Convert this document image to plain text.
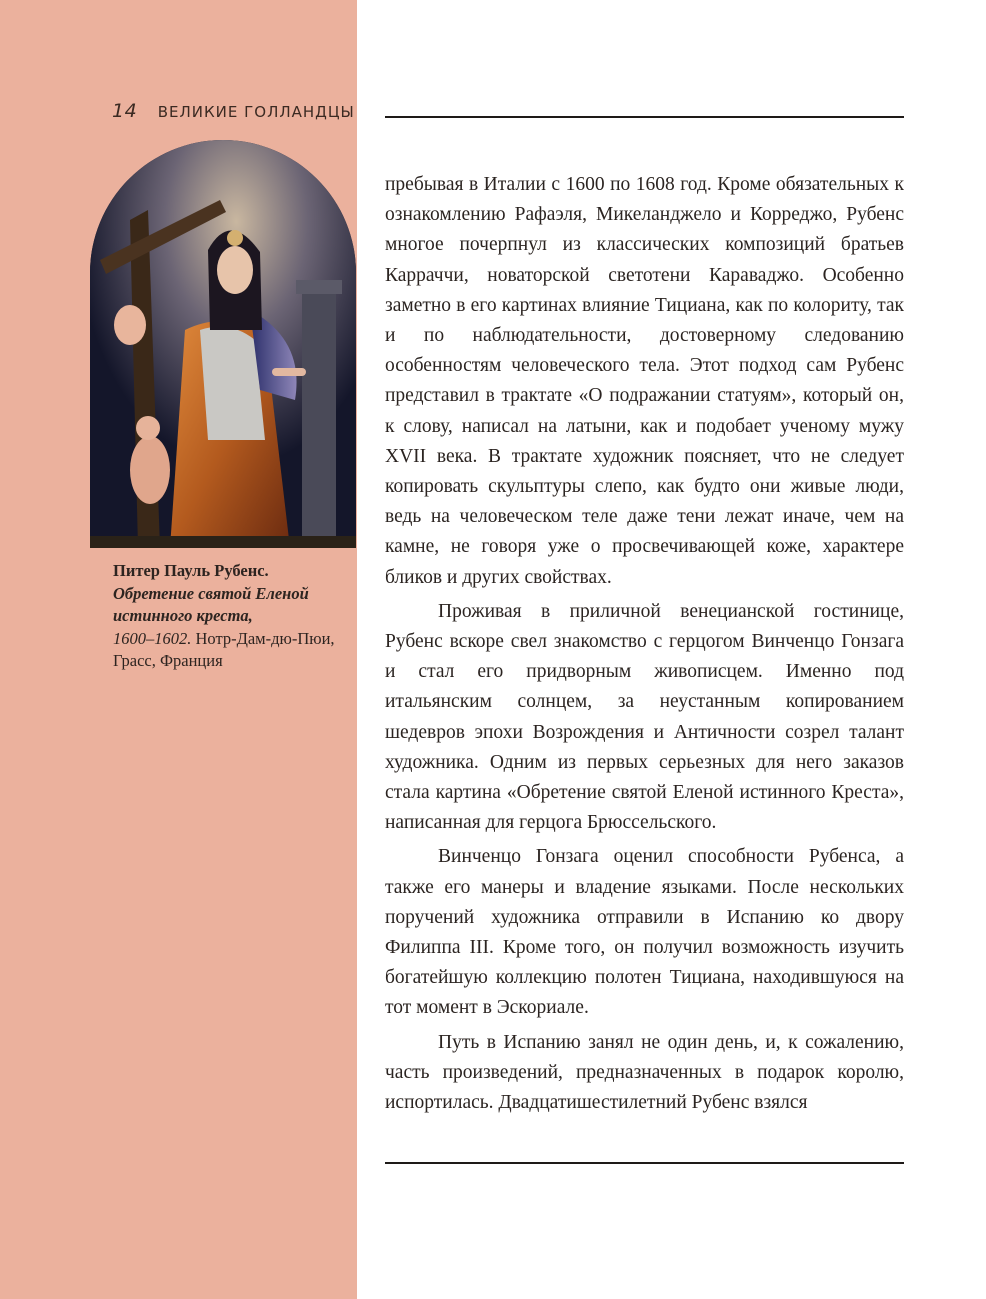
14 ВЕЛИКИЕ ГОЛЛАНДЦЫ
Питер Пауль Рубенс.
Обретение святой Еленой истинного креста,
1600–1602. Нотр-Дам-дю-Пюи, Грасс, Франция

пребывая в Италии с 1600 по 1608 год. Кроме обязательных к ознакомлению Рафаэля, Микеланджело и Корреджо, Рубенс многое почерпнул из классических композиций братьев Карраччи, новаторской светотени Караваджо. Особенно заметно в его картинах влияние Тициана, как по колориту, так и по наблюдательности, достоверному следованию особенностям человеческого тела. Этот подход сам Рубенс представил в трактате «О подражании статуям», который он, к слову, написал на латыни, как и подобает ученому мужу XVII века. В трактате художник поясняет, что не следует копировать скульптуры слепо, как будто они живые люди, ведь на человеческом теле даже тени лежат иначе, чем на камне, не говоря уже о просвечивающей коже, характере бликов и других свойствах.

Проживая в приличной венецианской гостинице, Рубенс вскоре свел знакомство с герцогом Винченцо Гонзага и стал его придворным живописцем. Именно под итальянским солнцем, за неустанным копированием шедевров эпохи Возрождения и Античности созрел талант художника. Одним из первых серьезных для него заказов стала картина «Обретение святой Еленой истинного Креста», написанная для герцога Брюссельского.

Винченцо Гонзага оценил способности Рубенса, а также его манеры и владение языками. После нескольких поручений художника отправили в Испанию ко двору Филиппа III. Кроме того, он получил возможность изучить богатейшую коллекцию полотен Тициана, находившуюся на тот момент в Эскориале.

Путь в Испанию занял не один день, и, к сожалению, часть произведений, предназначенных в подарок королю, испортилась. Двадцатишестилетний Рубенс взялся
